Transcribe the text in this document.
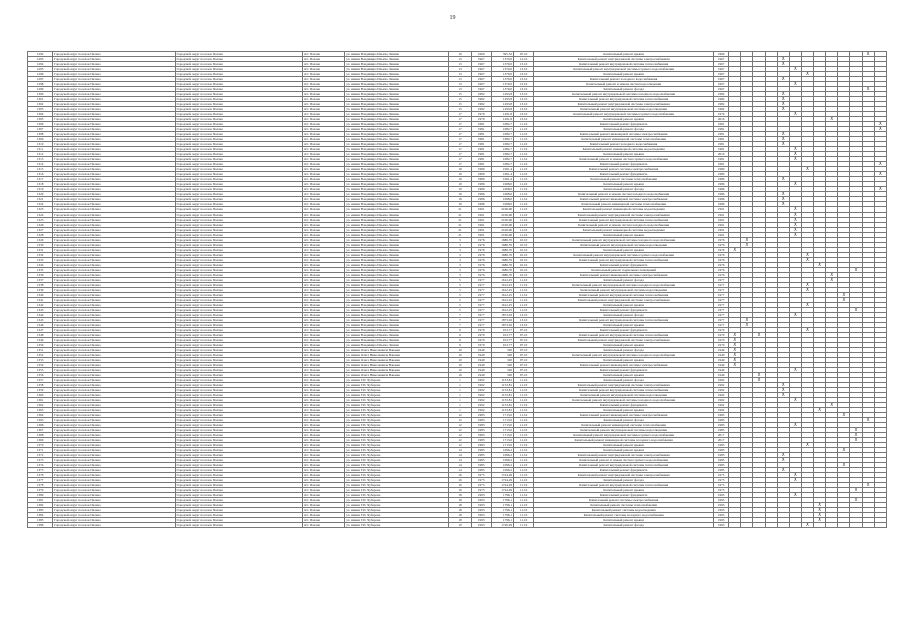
19
1292	Городской округ поселок Палана	Городской округ поселок Палана	пгт. Палана	ул. имени Владимира Ильича Ленина	10	1969	395,32	07.10	Капитальный ремонт крыши	1969												X	
1293	Городской округ поселок Палана	Городской округ поселок Палана	пгт. Палана	ул. имени Владимира Ильича Ленина	13	1967	1370,0	12.10	Капитальный ремонт внутридомовой системы электроснабжения	1967					X								
1294	Городской округ поселок Палана	Городской округ поселок Палана	пгт. Палана	ул. имени Владимира Ильича Ленина	13	1967	1370,0	13.10	Капитальный ремонт внутридомовой системы теплоснабжения	1967					X								
1295	Городской округ поселок Палана	Городской округ поселок Палана	пгт. Палана	ул. имени Владимира Ильича Ленина	13	1967	1370,0	13.10	Капитальный ремонт внутридомовой системы горячего водоснабжения	1967						X							
1296	Городской округ поселок Палана	Городской округ поселок Палана	пгт. Палана	ул. имени Владимира Ильича Ленина	13	1967	1370,0	13.10	Капитальный ремонт крыши	1967							X						
1297	Городской округ поселок Палана	Городской округ поселок Палана	пгт. Палана	ул. имени Владимира Ильича Ленина	13	1967	1370,0	13.10	Капитальный ремонт холодного водоснабжения	1967					X								
1298	Городской округ поселок Палана	Городской округ поселок Палана	пгт. Палана	ул. имени Владимира Ильича Ленина	13	1967	1370,0	13.10	Капитальный ремонт и замена систем водоотведения	1967						X							
1299	Городской округ поселок Палана	Городской округ поселок Палана	пгт. Палана	ул. имени Владимира Ильича Ленина	13	1967	1370,0	13.10	Капитальный ремонт фасада	1967												X	
1300	Городской округ поселок Палана	Городской округ поселок Палана	пгт. Палана	ул. имени Владимира Ильича Ленина	15	1982	1293,8	13.10	Капитальный ремонт внутридомовой системы холодного водоснабжения	1982					X								
1301	Городской округ поселок Палана	Городской округ поселок Палана	пгт. Палана	ул. имени Владимира Ильича Ленина	15	1982	1293,8	13.10	Капитальный ремонт внутридомовой системы теплоснабжения	1982					X								
1302	Городской округ поселок Палана	Городской округ поселок Палана	пгт. Палана	ул. имени Владимира Ильича Ленина	15	1982	1293,8	13.10	Капитальный ремонт внутридомовой системы электроснабжения	1982					X								
1303	Городской округ поселок Палана	Городской округ поселок Палана	пгт. Палана	ул. имени Владимира Ильича Ленина	15	1982	1293,8	13.10	Капитальный ремонт внутридомовой системы водоотведения	1982					X								
1304	Городской округ поселок Палана	Городской округ поселок Палана	пгт. Палана	ул. имени Владимира Ильича Ленина	17	1979	1291,8	13.10	Капитальный ремонт внутридомовой системы горячего водоснабжения	1979						X							
1305	Городской округ поселок Палана	Городской округ поселок Палана	пгт. Палана	ул. имени Владимира Ильича Ленина	17	1979	1291,8	13.10	Капитальный ремонт крыши	2016									X				
1306	Городской округ поселок Палана	Городской округ поселок Палана	пгт. Палана	ул. имени Владимира Ильича Ленина	17	1981	1082,7	11.10	Капитальный ремонт фундамента	1981													X
1307	Городской округ поселок Палана	Городской округ поселок Палана	пгт. Палана	ул. имени Владимира Ильича Ленина	17	1981	1082,7	11.10	Капитальный ремонт фасада	1981													X
1308	Городской округ поселок Палана	Городской округ поселок Палана	пгт. Палана	ул. имени Владимира Ильича Ленина	17	1981	1082,7	11.10	Капитальный ремонт инженерной системы электроснабжения	1981					X								
1309	Городской округ поселок Палана	Городской округ поселок Палана	пгт. Палана	ул. имени Владимира Ильича Ленина	17	1981	1082,7	11.10	Капитальный ремонт инженерной системы теплоснабжения	1981					X								
1310	Городской округ поселок Палана	Городской округ поселок Палана	пгт. Палана	ул. имени Владимира Ильича Ленина	17	1981	1082,7	11.10	Капитальный ремонт холодного водоснабжения	1981					X								
1311	Городской округ поселок Палана	Городской округ поселок Палана	пгт. Палана	ул. имени Владимира Ильича Ленина	17	1981	1082,7	11.10	Капитальный ремонт инженерной системы водоотведения	1981						X							
1312	Городской округ поселок Палана	Городской округ поселок Палана	пгт. Палана	ул. имени Владимира Ильича Ленина	17	1981	1082,7	11.10	Капитальный ремонт крыши	2016						X							
1313	Городской округ поселок Палана	Городской округ поселок Палана	пгт. Палана	ул. имени Владимира Ильича Ленина	17	1981	1082,7	11.10	Капитальный ремонт и замена систем горячего водоснабжения	1981						X							
1314	Городской округ поселок Палана	Городской округ поселок Палана	пгт. Палана	ул. имени Владимира Ильича Ленина	17	1981	1082,7	11.10	Капитальный ремонт фундамента	1981													X
1315	Городской округ поселок Палана	Городской округ поселок Палана	пгт. Палана	ул. имени Владимира Ильича Ленина	19	1980	1061,4	11.10	Капитальный ремонт системы электроснабжения	1980							X						
1316	Городской округ поселок Палана	Городской округ поселок Палана	пгт. Палана	ул. имени Владимира Ильича Ленина	19	1980	1061,4	11.10	Капитальный ремонт фундамента	1980													X
1317	Городской округ поселок Палана	Городской округ поселок Палана	пгт. Палана	ул. имени Владимира Ильича Ленина	19	1980	1061,4	11.10	Капитальный ремонт системы теплоснабжения	1980					X								
1318	Городской округ поселок Палана	Городской округ поселок Палана	пгт. Палана	ул. имени Владимира Ильича Ленина	19	1986	1068,0	11.10	Капитальный ремонт крыши	1986						X							
1319	Городской округ поселок Палана	Городской округ поселок Палана	пгт. Палана	ул. имени Владимира Ильича Ленина	19	1986	1068,0	11.10	Капитальный ремонт фасада	1986													X
1320	Городской округ поселок Палана	Городской округ поселок Палана	пгт. Палана	ул. имени Владимира Ильича Ленина	19	1986	1068,0	11.10	Капитальный ремонт и замена систем холодного водоснабжения	1986					X								
1321	Городской округ поселок Палана	Городской округ поселок Палана	пгт. Палана	ул. имени Владимира Ильича Ленина	19	1986	1068,0	11.10	Капитальный ремонт инженерной системы электроснабжения	1986					X								
1322	Городской округ поселок Палана	Городской округ поселок Палана	пгт. Палана	ул. имени Владимира Ильича Ленина	19	1986	1068,0	11.10	Капитальный ремонт инженерной системы теплоснабжения	1986					X								
1323	Городской округ поселок Палана	Городской округ поселок Палана	пгт. Палана	ул. имени Владимира Ильича Ленина	21	1991	2106,00	11.10	Капитальный ремонт инженерной системы водоотведения	1991						X							
1324	Городской округ поселок Палана	Городской округ поселок Палана	пгт. Палана	ул. имени Владимира Ильича Ленина	21	1991	2106,00	11.10	Капитальный ремонт внутридомовой системы электроснабжения	1991						X							
1325	Городской округ поселок Палана	Городской округ поселок Палана	пгт. Палана	ул. имени Владимира Ильича Ленина	21	1991	2106,00	11.10	Капитальный ремонт внутридомовой системы теплоснабжения	1991						X							
1326	Городской округ поселок Палана	Городской округ поселок Палана	пгт. Палана	ул. имени Владимира Ильича Ленина	21	1991	2106,00	11.10	Капитальный ремонт и замена систем холодного водоснабжения	1991						X							
1327	Городской округ поселок Палана	Городской округ поселок Палана	пгт. Палана	ул. имени Владимира Ильича Ленина	21	1991	2106,00	11.10	Капитальный ремонт инженерной системы водоотведения	1991						X							
1328	Городской округ поселок Палана	Городской округ поселок Палана	пгт. Палана	ул. имени Владимира Ильича Ленина	21	1991	2106,00	11.10	Капитальный ремонт крыши	1991						X							
1329	Городской округ поселок Палана	Городской округ поселок Палана	пгт. Палана	ул. имени Владимира Ильича Ленина	3	1976	1686,70	10.10	Капитальный ремонт внутридомовой системы холодного водоснабжения	1976		X											
1330	Городской округ поселок Палана	Городской округ поселок Палана	пгт. Палана	ул. имени Владимира Ильича Ленина	3	1976	1686,70	10.10	Капитальный ремонт внутридомовой системы водоотведения	1976		X											
1331	Городской округ поселок Палана	Городской округ поселок Палана	пгт. Палана	ул. имени Владимира Ильича Ленина	3	1976	1686,70	10.10	Капитальный ремонт крыши	1976	X												
1332	Городской округ поселок Палана	Городской округ поселок Палана	пгт. Палана	ул. имени Владимира Ильича Ленина	3	1976	1686,70	10.10	Капитальный ремонт внутридомовой системы горячего водоснабжения	1976							X						
1333	Городской округ поселок Палана	Городской округ поселок Палана	пгт. Палана	ул. имени Владимира Ильича Ленина	3	1976	1686,70	10.10	Капитальный ремонт внутридомовой системы теплоснабжения	1976							X						
1334	Городской округ поселок Палана	Городской округ поселок Палана	пгт. Палана	ул. имени Владимира Ильича Ленина	3	1976	1686,70	10.10	Капитальный ремонт фундамента	1976								X					
1335	Городской округ поселок Палана	Городской округ поселок Палана	пгт. Палана	ул. имени Владимира Ильича Ленина	3	1976	1686,70	10.10	Капитальный ремонт подвальных помещений	1976											X		
1336	Городской округ поселок Палана	Городской округ поселок Палана	пгт. Палана	ул. имени Владимира Ильича Ленина	3	1976	1686,70	10.10	Капитальный ремонт инженерной системы электроснабжения	1976									X				
1337	Городской округ поселок Палана	Городской округ поселок Палана	пгт. Палана	ул. имени Владимира Ильича Ленина	5	1977	1612,25	11.10	Капитальный ремонт фасада	1977									X				
1338	Городской округ поселок Палана	Городской округ поселок Палана	пгт. Палана	ул. имени Владимира Ильича Ленина	5	1977	1612,25	11.10	Капитальный ремонт внутридомовой системы холодного водоснабжения	1977							X						
1339	Городской округ поселок Палана	Городской округ поселок Палана	пгт. Палана	ул. имени Владимира Ильича Ленина	5	1977	1612,25	11.10	Капитальный ремонт внутридомовой системы водоотведения	1977							X						
1340	Городской округ поселок Палана	Городской округ поселок Палана	пгт. Палана	ул. имени Владимира Ильича Ленина	5	1977	1612,25	11.10	Капитальный ремонт внутридомовой системы теплоснабжения	1977										X			
1341	Городской округ поселок Палана	Городской округ поселок Палана	пгт. Палана	ул. имени Владимира Ильича Ленина	5	1977	1612,25	11.10	Капитальный ремонт внутридомовой системы электроснабжения	1977										X			
1342	Городской округ поселок Палана	Городской округ поселок Палана	пгт. Палана	ул. имени Владимира Ильича Ленина	5	1977	1612,25	11.10	Капитальный ремонт крыши	1977							X						
1343	Городской округ поселок Палана	Городской округ поселок Палана	пгт. Палана	ул. имени Владимира Ильича Ленина	5	1977	1612,25	11.10	Капитальный ремонт фундамента	1977											X		
1344	Городской округ поселок Палана	Городской округ поселок Палана	пгт. Палана	ул. имени Владимира Ильича Ленина	7	1977	1873,02	13.10	Капитальный ремонт фасада	1977						X							
1345	Городской округ поселок Палана	Городской округ поселок Палана	пгт. Палана	ул. имени Владимира Ильича Ленина	7	1977	1873,02	13.10	Капитальный ремонт внутридомовой системы теплоснабжения	1977		X											
1346	Городской округ поселок Палана	Городской округ поселок Палана	пгт. Палана	ул. имени Владимира Ильича Ленина	7	1977	1873,02	13.10	Капитальный ремонт крыши	1977		X											
1347	Городской округ поселок Палана	Городской округ поселок Палана	пгт. Палана	ул. имени Владимира Ильича Ленина	9	1970	913,77	07.10	Капитальный ремонт фундамента	1970							X						
1348	Городской округ поселок Палана	Городской округ поселок Палана	пгт. Палана	ул. имени Владимира Ильича Ленина	9	1970	913,77	07.10	Капитальный ремонт внутридомовой системы теплоснабжения	1970	X		X										
1349	Городской округ поселок Палана	Городской округ поселок Палана	пгт. Палана	ул. имени Владимира Ильича Ленина	9	1970	913,77	07.10	Капитальный ремонт внутридомовой системы электроснабжения	1970	X												
1350	Городской округ поселок Палана	Городской округ поселок Палана	пгт. Палана	ул. имени Владимира Ильича Ленина	9	1970	913,77	07.10	Капитальный ремонт крыши	1970	X												
1351	Городской округ поселок Палана	Городской округ поселок Палана	пгт. Палана	ул. имени Олега Николаевича Вакаева	10	1949	320	07.10	Капитальный ремонт фасада	1949	X												
1352	Городской округ поселок Палана	Городской округ поселок Палана	пгт. Палана	ул. имени Олега Николаевича Вакаева	10	1949	320	07.10	Капитальный ремонт внутридомовой системы холодного водоснабжения	1949	X												
1353	Городской округ поселок Палана	Городской округ поселок Палана	пгт. Палана	ул. имени Олега Николаевича Вакаева	10	1949	320	07.10	Капитальный ремонт крыши	1949	X												
1354	Городской округ поселок Палана	Городской округ поселок Палана	пгт. Палана	ул. имени Олега Николаевича Вакаева	10	1949	320	07.10	Капитальный ремонт инженерной системы электроснабжения	1949	X												
1355	Городской округ поселок Палана	Городской округ поселок Палана	пгт. Палана	ул. имени Олега Николаевича Вакаева	10	1949	320	07.10	Капитальный ремонт фундамента	1949						X							
1356	Городской округ поселок Палана	Городской округ поселок Палана	пгт. Палана	ул. имени Олега Николаевича Вакаева	10	1949	320	07.10	Капитальный ремонт крыши	1949			X										
1357	Городской округ поселок Палана	Городской округ поселок Палана	пгт. Палана	ул. имени Г.И. Чубарова	1	1992	1153,81	11.10	Капитальный ремонт фасада	1992			X										
1358	Городской округ поселок Палана	Городской округ поселок Палана	пгт. Палана	ул. имени Г.И. Чубарова	1	1992	1153,81	11.10	Капитальный ремонт внутридомовой системы электроснабжения	1992					X								
1359	Городской округ поселок Палана	Городской округ поселок Палана	пгт. Палана	ул. имени Г.И. Чубарова	1	1992	1153,81	11.10	Капитальный ремонт внутридомовой системы теплоснабжения	1992					X								
1360	Городской округ поселок Палана	Городской округ поселок Палана	пгт. Палана	ул. имени Г.И. Чубарова	1	1992	1153,81	11.10	Капитальный ремонт внутридомовой системы водоотведения	1992					X								
1361	Городской округ поселок Палана	Городской округ поселок Палана	пгт. Палана	ул. имени Г.И. Чубарова	1	1992	1153,81	11.10	Капитальный ремонт внутридомовой системы холодного водоснабжения	1992						X							
1362	Городской округ поселок Палана	Городской округ поселок Палана	пгт. Палана	ул. имени Г.И. Чубарова	1	1992	1153,81	11.10	Капитальный ремонт фундамента	1992									X				
1363	Городской округ поселок Палана	Городской округ поселок Палана	пгт. Палана	ул. имени Г.И. Чубарова	1	1992	1153,81	11.10	Капитальный ремонт крыши	1992								X					
1364	Городской округ поселок Палана	Городской округ поселок Палана	пгт. Палана	ул. имени Г.И. Чубарова	12	1983	1713,0	11.10	Капитальный ремонт инженерной системы электроснабжения	1983										X			
1365	Городской округ поселок Палана	Городской округ поселок Палана	пгт. Палана	ул. имени Г.И. Чубарова	12	1983	1713,0	11.10	Капитальный ремонт фасада	1983												X	
1366	Городской округ поселок Палана	Городской округ поселок Палана	пгт. Палана	ул. имени Г.И. Чубарова	12	1983	1713,0	11.10	Капитальный ремонт инженерной системы теплоснабжения	1983						X							
1367	Городской округ поселок Палана	Городской округ поселок Палана	пгт. Палана	ул. имени Г.И. Чубарова	12	1983	1713,0	11.10	Капитальный ремонт внутридомовой системы водоотведения	1983											X		
1368	Городской округ поселок Палана	Городской округ поселок Палана	пгт. Палана	ул. имени Г.И. Чубарова	12	1983	1713,0	11.10	Капитальный ремонт внутридомовой системы горячего водоснабжения	2017											X		
1369	Городской округ поселок Палана	Городской округ поселок Палана	пгт. Палана	ул. имени Г.И. Чубарова	12	1983	1713,0	11.10	Капитальный ремонт инженерной системы холодного водоснабжения	2017											X		
1370	Городской округ поселок Палана	Городской округ поселок Палана	пгт. Палана	ул. имени Г.И. Чубарова	12	1983	1713,0	11.10	Капитальный ремонт крыши	1983							X						
1371	Городской округ поселок Палана	Городской округ поселок Палана	пгт. Палана	ул. имени Г.И. Чубарова	14	1985	1096,2	11.10	Капитальный ремонт крыши	1985										X			
1372	Городской округ поселок Палана	Городской округ поселок Палана	пгт. Палана	ул. имени Г.И. Чубарова	14	1985	1096,2	11.10	Капитальный ремонт внутридомовой системы электроснабжения	1985					X								
1373	Городской округ поселок Палана	Городской округ поселок Палана	пгт. Палана	ул. имени Г.И. Чубарова	14	1985	1096,2	11.10	Капитальный ремонт и замена систем горячего водоснабжения	1985					X								
1374	Городской округ поселок Палана	Городской округ поселок Палана	пгт. Палана	ул. имени Г.И. Чубарова	14	1985	1096,2	11.10	Капитальный ремонт внутридомовой системы теплоснабжения	1985										X			
1375	Городской округ поселок Палана	Городской округ поселок Палана	пгт. Палана	ул. имени Г.И. Чубарова	14	1985	1096,2	11.10	Капитальный ремонт фундамента	1985					X								
1376	Городской округ поселок Палана	Городской округ поселок Палана	пгт. Палана	ул. имени Г.И. Чубарова	16	1975	1724,29	11.10	Капитальный ремонт внутридомовой системы электроснабжения	1975						X							
1377	Городской округ поселок Палана	Городской округ поселок Палана	пгт. Палана	ул. имени Г.И. Чубарова	16	1975	1724,29	11.10	Капитальный ремонт фасада	1975						X							
1378	Городской округ поселок Палана	Городской округ поселок Палана	пгт. Палана	ул. имени Г.И. Чубарова	16	1975	1724,29	11.10	Капитальный ремонт внутридомовой системы теплоснабжения	1975												X	
1379	Городской округ поселок Палана	Городской округ поселок Палана	пгт. Палана	ул. имени Г.И. Чубарова	16	1975	1724,29	11.10	Капитальный ремонт крыши	1975											X		
1380	Городской округ поселок Палана	Городской округ поселок Палана	пгт. Палана	ул. имени Г.И. Чубарова	18	1993	1796,1	11.10	Капитальный ремонт фундамента	1993						X							
1381	Городской округ поселок Палана	Городской округ поселок Палана	пгт. Палана	ул. имени Г.И. Чубарова	18	1993	1796,1	11.10	Капитальный ремонт системы электроснабжения	1993											X		
1382	Городской округ поселок Палана	Городской округ поселок Палана	пгт. Палана	ул. имени Г.И. Чубарова	18	1993	1796,1	11.10	Капитальный ремонт системы теплоснабжения	1993								X					
1383	Городской округ поселок Палана	Городской округ поселок Палана	пгт. Палана	ул. имени Г.И. Чубарова	18	1993	1796,1	11.10	Капитальный ремонт системы водоотведения	1993								X					
1384	Городской округ поселок Палана	Городской округ поселок Палана	пгт. Палана	ул. имени Г.И. Чубарова	18	1993	1796,1	11.10	Капитальный ремонт системы холодного водоснабжения	1993								X					
1385	Городской округ поселок Палана	Городской округ поселок Палана	пгт. Палана	ул. имени Г.И. Чубарова	18	1993	1796,1	11.10	Капитальный ремонт крыши	1993								X					
1386	Городской округ поселок Палана	Городской округ поселок Палана	пгт. Палана	ул. имени Г.И. Чубарова	19	1993	1726,29	11.10	Капитальный ремонт фасада	1993							X						
